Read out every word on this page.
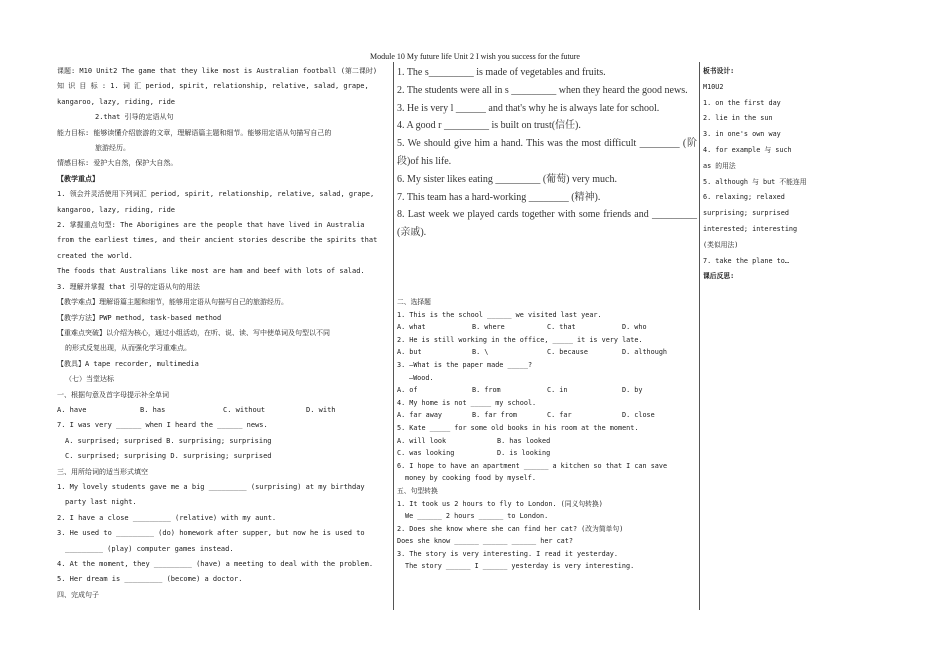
Module 10 My future life Unit 2 I wish you success for the future

课题: M10 Unit2 The game that they like most is Australian football (第二课时)

知 识 目 标 : 1. 词 汇 period, spirit, relationship, relative, salad, grape,

kangaroo, lazy, riding, ride

2.that 引导的定语从句

能力目标: 能够读懂介绍旅游的文章，理解语篇主题和细节。能够用定语从句描写自己的

旅游经历。

情感目标: 爱护大自然，保护大自然。

【教学重点】

1. 领会并灵活使用下列词汇 period, spirit, relationship, relative, salad, grape,

kangaroo, lazy, riding, ride

2. 掌握重点句型: The Aborigines are the people that have lived in Australia

from the earliest times, and their ancient stories describe the spirits that

created the world.

The foods that Australians like most are ham and beef with lots of salad.

3. 理解并掌握 that 引导的定语从句的用法

【教学难点】理解语篇主题和细节，能够用定语从句描写自己的旅游经历。

【教学方法】PWP method, task-based method

【重难点突破】以介绍为核心，通过小组活动，在听、说、读、写中使单词及句型以不同

的形式反复出现，从而强化学习重难点。

【教具】A tape recorder, multimedia

（七）当堂达标

一、根据句意及首字母提示补全单词

A. have	B. has	C. without	D. with

7. I was very ______ when I heard the ______ news.

A. surprised; surprised B. surprising; surprising

C. surprised; surprising D. surprising; surprised

三、用所给词的适当形式填空

1. My lovely students gave me a big _________ (surprising) at my birthday

party last night.

2. I have a close _________ (relative) with my aunt.

3. He used to _________ (do) homework after supper, but now he is used to

_________ (play) computer games instead.

4. At the moment, they _________ (have) a meeting to deal with the problem.

5. Her dream is _________ (become) a doctor.

四、完成句子

1. The s_________ is made of vegetables and fruits.

2. The students were all in s _________ when they heard the good news.

3. He is very l ______ and that's why he is always late for school.

4. A good r _________ is built on trust(信任).

5. We should give him a hand. This was the most difficult ________ (阶段)of his life.

6. My sister likes eating _________ (葡萄) very much.

7. This team has a hard-working ________ (精神).

8. Last week we played cards together with some friends and _________ (亲戚).

二、选择题

1. This is the school ______ we visited last year.

A. what	B. where	C. that	D. who

2. He is still working in the office, _____ it is very late.

A. but	B. \	C. because	D. although

3. —What is the paper made _____?

—Wood.

A. of	B. from	C. in	D. by

4. My home is not _____ my school.

A. far away	B. far from	C. far	D. close

5. Kate _____ for some old books in his room at the moment.

A. will look	B. has looked

C. was looking	D. is looking

6. I hope to have an apartment ______ a kitchen so that I can save

money by cooking food by myself.

五、句型转换

1. It took us 2 hours to fly to London. (同义句转换)

We ______ 2 hours ______ to London.

2. Does she know where she can find her cat? (改为简单句)

Does she know ______ ______ ______ her cat?

3. The story is very interesting. I read it yesterday.

The story ______ I ______ yesterday is very interesting.

板书设计:

M10U2

1. on the first day

2. lie in the sun

3. in one's own way

4. for example 与 such

as 的用法

5. although 与 but 不能连用

6. relaxing; relaxed

surprising; surprised

interested; interesting

(类似用法)

7. take the plane to…

课后反思:
